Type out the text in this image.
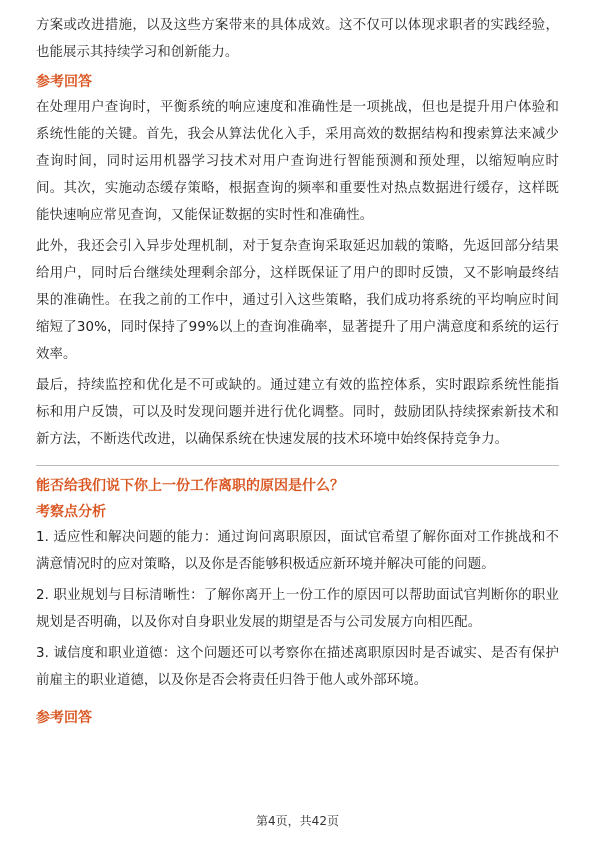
方案或改进措施，以及这些方案带来的具体成效。这不仅可以体现求职者的实践经验，也能展示其持续学习和创新能力。

参考回答

在处理用户查询时，平衡系统的响应速度和准确性是一项挑战，但也是提升用户体验和系统性能的关键。首先，我会从算法优化入手，采用高效的数据结构和搜索算法来减少查询时间，同时运用机器学习技术对用户查询进行智能预测和预处理，以缩短响应时间。其次，实施动态缓存策略，根据查询的频率和重要性对热点数据进行缓存，这样既能快速响应常见查询，又能保证数据的实时性和准确性。

此外，我还会引入异步处理机制，对于复杂查询采取延迟加载的策略，先返回部分结果给用户，同时后台继续处理剩余部分，这样既保证了用户的即时反馈，又不影响最终结果的准确性。在我之前的工作中，通过引入这些策略，我们成功将系统的平均响应时间缩短了30%，同时保持了99%以上的查询准确率，显著提升了用户满意度和系统的运行效率。

最后，持续监控和优化是不可或缺的。通过建立有效的监控体系，实时跟踪系统性能指标和用户反馈，可以及时发现问题并进行优化调整。同时，鼓励团队持续探索新技术和新方法，不断迭代改进，以确保系统在快速发展的技术环境中始终保持竞争力。

能否给我们说下你上一份工作离职的原因是什么？
考察点分析

1. 适应性和解决问题的能力：通过询问离职原因，面试官希望了解你面对工作挑战和不满意情况时的应对策略，以及你是否能够积极适应新环境并解决可能的问题。

2. 职业规划与目标清晰性：了解你离开上一份工作的原因可以帮助面试官判断你的职业规划是否明确，以及你对自身职业发展的期望是否与公司发展方向相匹配。

3. 诚信度和职业道德：这个问题还可以考察你在描述离职原因时是否诚实、是否有保护前雇主的职业道德，以及你是否会将责任归咎于他人或外部环境。

参考回答
第4页，共42页
